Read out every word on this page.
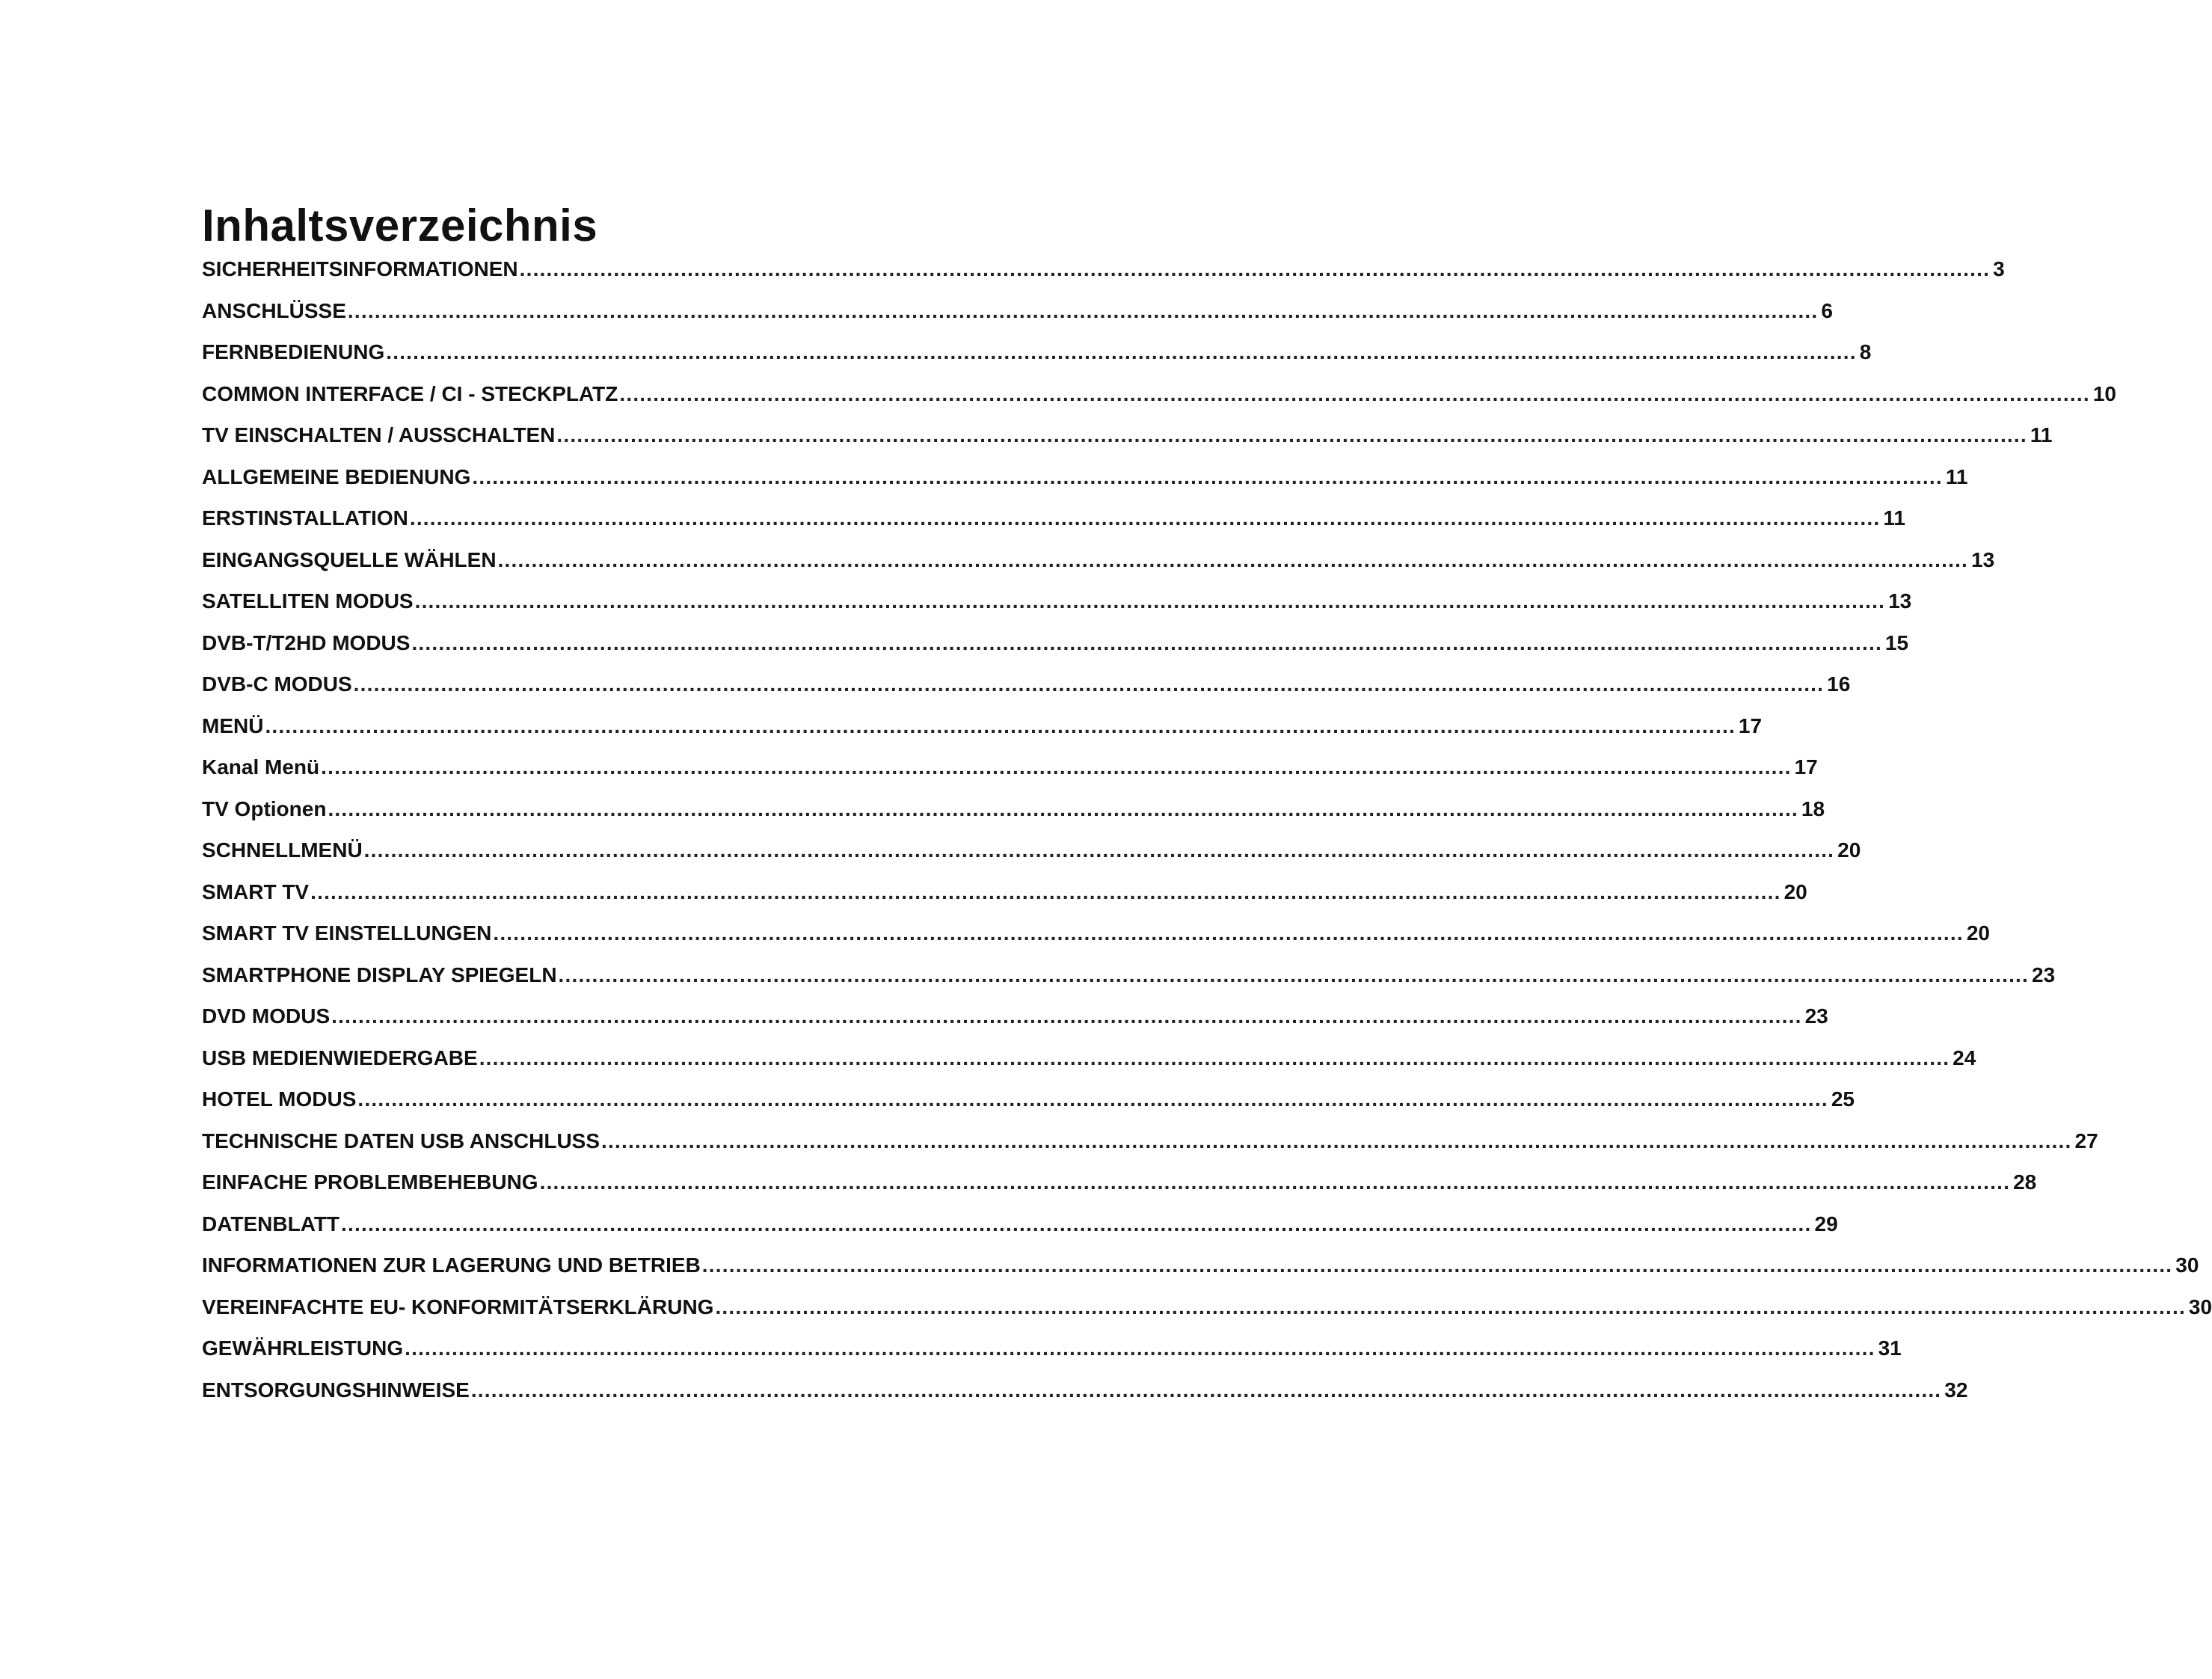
Inhaltsverzeichnis
SICHERHEITSINFORMATIONEN ........................................................................................................................................................................................................................... 3
ANSCHLÜSSE ........................................................................................................................................................................................................................... 6
FERNBEDIENUNG ........................................................................................................................................................................................................................... 8
COMMON INTERFACE / CI - STECKPLATZ ........................................................................................................................................................................................................................... 10
TV EINSCHALTEN / AUSSCHALTEN ........................................................................................................................................................................................................................... 11
ALLGEMEINE BEDIENUNG ........................................................................................................................................................................................................................... 11
ERSTINSTALLATION ........................................................................................................................................................................................................................... 11
EINGANGSQUELLE WÄHLEN ........................................................................................................................................................................................................................... 13
SATELLITEN MODUS ........................................................................................................................................................................................................................... 13
DVB-T/T2HD MODUS ........................................................................................................................................................................................................................... 15
DVB-C MODUS ........................................................................................................................................................................................................................... 16
MENÜ ........................................................................................................................................................................................................................... 17
Kanal Menü ........................................................................................................................................................................................................................... 17
TV Optionen ........................................................................................................................................................................................................................... 18
SCHNELLMENÜ ........................................................................................................................................................................................................................... 20
SMART TV ........................................................................................................................................................................................................................... 20
SMART TV EINSTELLUNGEN ........................................................................................................................................................................................................................... 20
SMARTPHONE DISPLAY SPIEGELN ........................................................................................................................................................................................................................... 23
DVD MODUS ........................................................................................................................................................................................................................... 23
USB MEDIENWIEDERGABE ........................................................................................................................................................................................................................... 24
HOTEL MODUS ........................................................................................................................................................................................................................... 25
TECHNISCHE DATEN USB ANSCHLUSS ........................................................................................................................................................................................................................... 27
EINFACHE PROBLEMBEHEBUNG ........................................................................................................................................................................................................................... 28
DATENBLATT ........................................................................................................................................................................................................................... 29
INFORMATIONEN ZUR LAGERUNG UND BETRIEB ........................................................................................................................................................................................................................... 30
VEREINFACHTE EU- KONFORMITÄTSERKLÄRUNG ........................................................................................................................................................................................................................... 30
GEWÄHRLEISTUNG ........................................................................................................................................................................................................................... 31
ENTSORGUNGSHINWEISE ........................................................................................................................................................................................................................... 32
